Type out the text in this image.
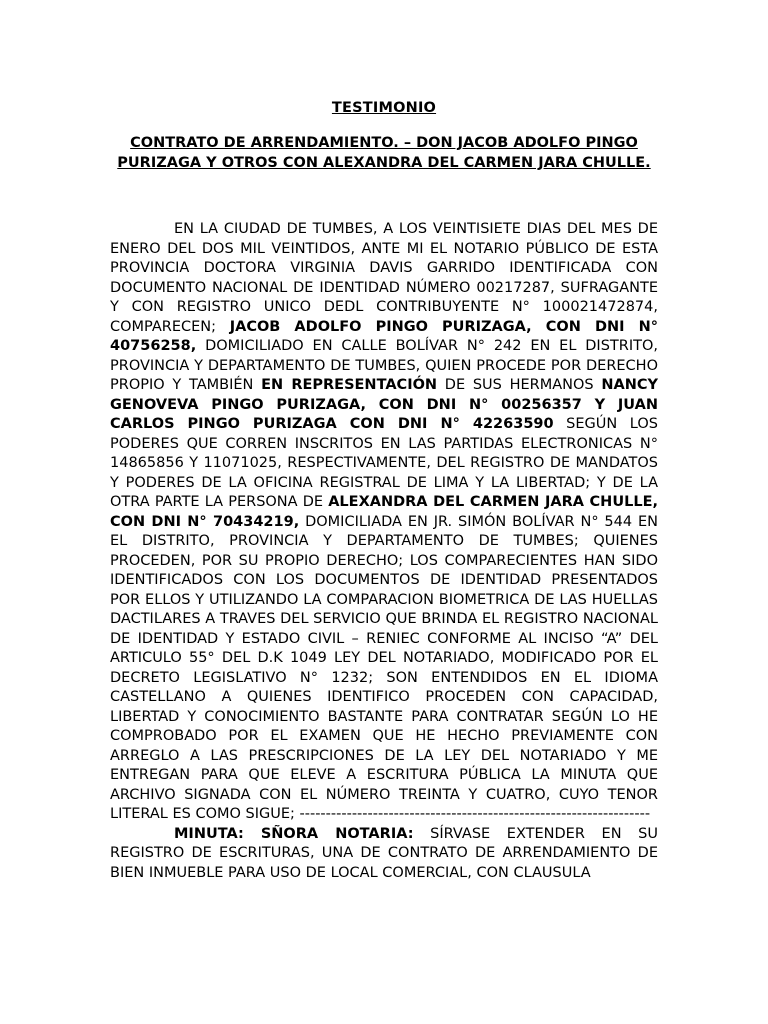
TESTIMONIO
CONTRATO DE ARRENDAMIENTO. – DON JACOB ADOLFO PINGO PURIZAGA Y OTROS CON ALEXANDRA DEL CARMEN JARA CHULLE.

EN LA CIUDAD DE TUMBES, A LOS VEINTISIETE DIAS DEL MES DE ENERO DEL DOS MIL VEINTIDOS, ANTE MI EL NOTARIO PÚBLICO DE ESTA PROVINCIA DOCTORA VIRGINIA DAVIS GARRIDO IDENTIFICADA CON DOCUMENTO NACIONAL DE IDENTIDAD NÚMERO 00217287, SUFRAGANTE Y CON REGISTRO UNICO DEDL CONTRIBUYENTE N° 100021472874, COMPARECEN; JACOB ADOLFO PINGO PURIZAGA, CON DNI N° 40756258, DOMICILIADO EN CALLE BOLÍVAR N° 242 EN EL DISTRITO, PROVINCIA Y DEPARTAMENTO DE TUMBES, QUIEN PROCEDE POR DERECHO PROPIO Y TAMBIÉN EN REPRESENTACIÓN DE SUS HERMANOS NANCY GENOVEVA PINGO PURIZAGA, CON DNI N° 00256357 Y JUAN CARLOS PINGO PURIZAGA CON DNI N° 42263590 SEGÚN LOS PODERES QUE CORREN INSCRITOS EN LAS PARTIDAS ELECTRONICAS N° 14865856 Y 11071025, RESPECTIVAMENTE, DEL REGISTRO DE MANDATOS Y PODERES DE LA OFICINA REGISTRAL DE LIMA Y LA LIBERTAD; Y DE LA OTRA PARTE LA PERSONA DE ALEXANDRA DEL CARMEN JARA CHULLE, CON DNI N° 70434219, DOMICILIADA EN JR. SIMÓN BOLÍVAR N° 544 EN EL DISTRITO, PROVINCIA Y DEPARTAMENTO DE TUMBES; QUIENES PROCEDEN, POR SU PROPIO DERECHO; LOS COMPARECIENTES HAN SIDO IDENTIFICADOS CON LOS DOCUMENTOS DE IDENTIDAD PRESENTADOS POR ELLOS Y UTILIZANDO LA COMPARACION BIOMETRICA DE LAS HUELLAS DACTILARES A TRAVES DEL SERVICIO QUE BRINDA EL REGISTRO NACIONAL DE IDENTIDAD Y ESTADO CIVIL – RENIEC CONFORME AL INCISO “A” DEL ARTICULO 55° DEL D.K 1049 LEY DEL NOTARIADO, MODIFICADO POR EL DECRETO LEGISLATIVO N° 1232; SON ENTENDIDOS EN EL IDIOMA CASTELLANO A QUIENES IDENTIFICO PROCEDEN CON CAPACIDAD, LIBERTAD Y CONOCIMIENTO BASTANTE PARA CONTRATAR SEGÚN LO HE COMPROBADO POR EL EXAMEN QUE HE HECHO PREVIAMENTE CON ARREGLO A LAS PRESCRIPCIONES DE LA LEY DEL NOTARIADO Y ME ENTREGAN PARA QUE ELEVE A ESCRITURA PÚBLICA LA MINUTA QUE ARCHIVO SIGNADA CON EL NÚMERO TREINTA Y CUATRO, CUYO TENOR LITERAL ES COMO SIGUE; -------------------------------------------------------------------

MINUTA: SÑORA NOTARIA: SÍRVASE EXTENDER EN SU REGISTRO DE ESCRITURAS, UNA DE CONTRATO DE ARRENDAMIENTO DE BIEN INMUEBLE PARA USO DE LOCAL COMERCIAL, CON CLAUSULA
